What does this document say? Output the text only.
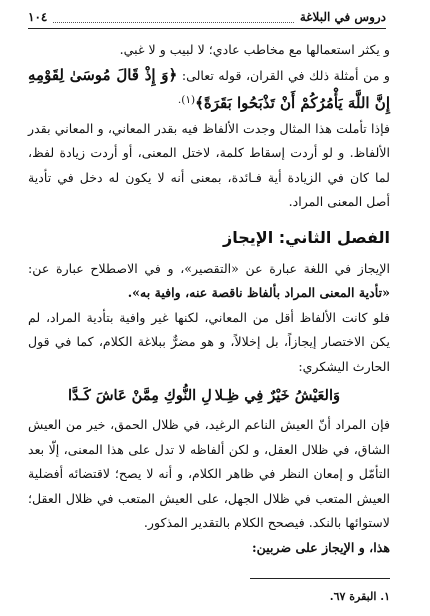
دروس في البلاغة
١٠٤

و يكثر استعمالها مع مخاطب عادي؛ لا لبيب و لا غبي.

و من أمثلة ذلك في القران، قوله تعالى: ﴿وَ إِذْ قَالَ مُوسَىٰ لِقَوْمِهِ إِنَّ اللَّهَ يَأْمُرُكُمْ أَنْ تَذْبَحُوا بَقَرَةً﴾$^{(١).}$

فإذا تأملت هذا المثال وجدت الألفاظ فيه بقدر المعاني، و المعاني بقدر الألفاظ. و لو أردت إسقاط كلمة، لاختل المعنى، أو أردت زيادة لفظ، لما كان في الزيادة أية فـائدة، بمعنى أنه لا يكون له دخل في تأدية أصل المعنى المراد.

الفصل الثاني: الإيجاز

الإيجاز في اللغة عبارة عن «التقصير»، و في الاصطلاح عبارة عن: «تأدية المعنى المراد بألفاظ ناقصة عنه، وافية به».

فلو كانت الألفاظ أقل من المعاني، لكنها غير وافية بتأدية المراد، لم يكن الاختصار إيجازاً، بل إخلالاً، و هو مضرٌّ ببلاغة الكلام، كما في قول الحارث اليشكري:

وَالعَيْشُ خَيْرٌ فِي ظِـلا
لِ النُّوكِ مِمَّنْ عَاشَ كَـدَّا

فإن المراد أنّ العيش الناعم الرغيد، في ظلال الحمق، خير من العيش الشاق، في ظلال العقل، و لكن ألفاظه لا تدل على هذا المعنى، إلّا بعد التأمّل و إمعان النظر في ظاهر الكلام، و أنه لا يصح؛ لاقتضائه أفضلية العيش المتعب في ظلال الجهل، على العيش المتعب في ظلال العقل؛ لاستوائها بالنكد. فيصحح الكلام بالتقدير المذكور.

هذا، و الإيجاز على ضربين:

١. البقرة ٦٧.
